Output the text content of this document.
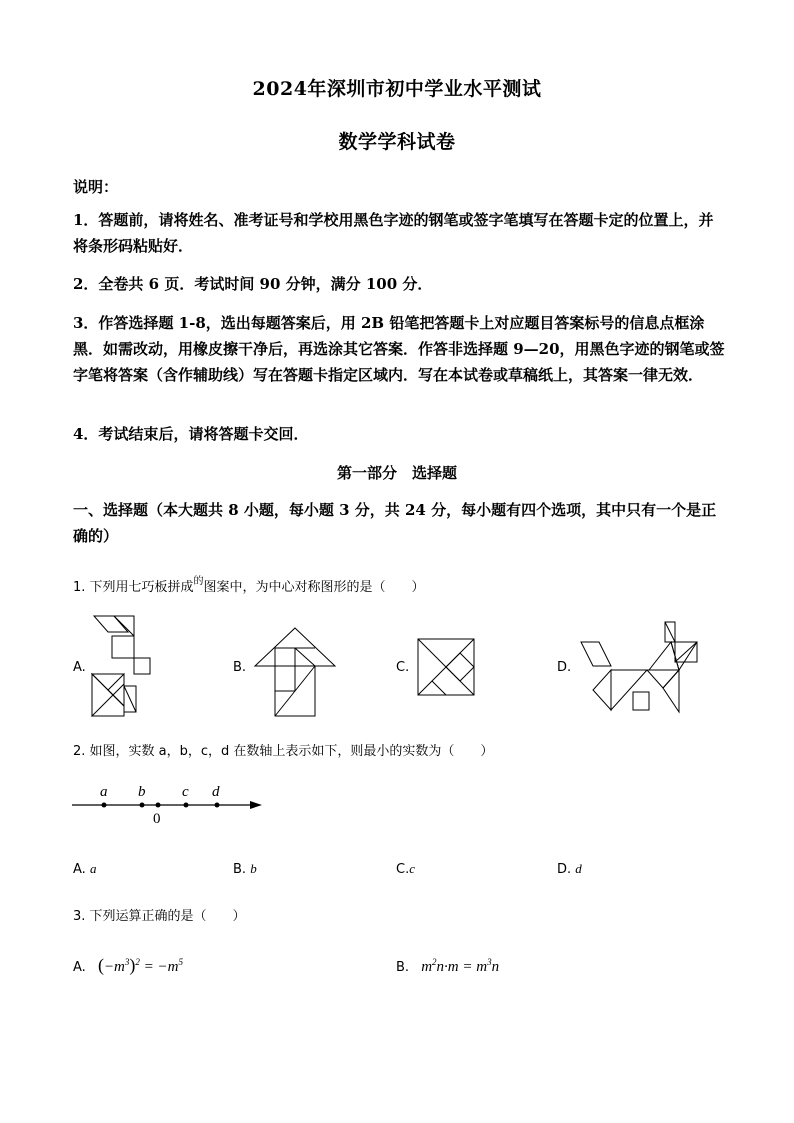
2024年深圳市初中学业水平测试
数学学科试卷
说明：
1．答题前，请将姓名、准考证号和学校用黑色字迹的钢笔或签字笔填写在答题卡定的位置上，并将条形码粘贴好．
2．全卷共 6 页．考试时间 90 分钟，满分 100 分．
3．作答选择题 1-8，选出每题答案后，用 2B 铅笔把答题卡上对应题目答案标号的信息点框涂黑．如需改动，用橡皮擦干净后，再选涂其它答案．作答非选择题 9—20，用黑色字迹的钢笔或签字笔将答案（含作辅助线）写在答题卡指定区域内．写在本试卷或草稿纸上，其答案一律无效．
4．考试结束后，请将答题卡交回．
第一部分　选择题
一、选择题（本大题共 8 小题，每小题 3 分，共 24 分，每小题有四个选项，其中只有一个是正确的）
1. 下列用七巧板拼成$^的$图案中，为中心对称图形的是（　　）
A.	B.	C.	D.
2. 如图，实数 a，b，c，d 在数轴上表示如下，则最小的实数为（　　）
a b c d
0
A. a	B. b	C.c	D. d
3. 下列运算正确的是（　　）
A. $(-m^3)^2 = -m^5$	B. $m^2n\cdot m = m^3n$
